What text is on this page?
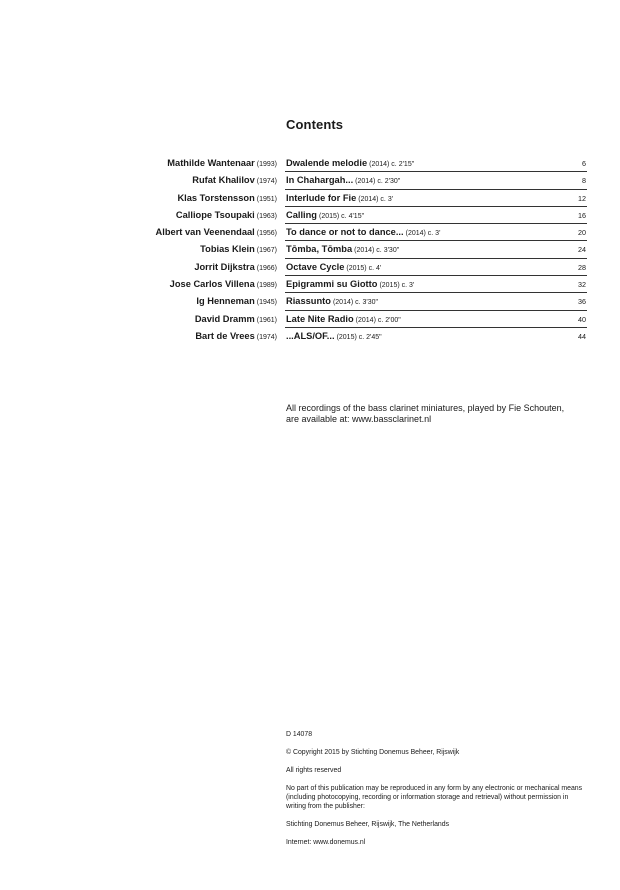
Contents
Mathilde Wantenaar (1993) Dwalende melodie (2014) c. 2'15"	6
Rufat Khalilov (1974) In Chahargah... (2014) c. 2'30"	8
Klas Torstensson (1951) Interlude for Fie (2014) c. 3'	12
Calliope Tsoupaki (1963) Calling (2015) c. 4'15"	16
Albert van Veenendaal (1956) To dance or not to dance... (2014) c. 3'	20
Tobias Klein (1967) Tōmba, Tōmba (2014) c. 3'30"	24
Jorrit Dijkstra (1966) Octave Cycle (2015) c. 4'	28
Jose Carlos Villena (1989) Epigrammi su Giotto (2015) c. 3'	32
Ig Henneman (1945) Riassunto (2014) c. 3'30"	36
David Dramm (1961) Late Nite Radio (2014) c. 2'00"	40
Bart de Vrees (1974) ...ALS/OF... (2015) c. 2'45"	44
All recordings of the bass clarinet miniatures, played by Fie Schouten,
are available at: www.bassclarinet.nl

D 14078

© Copyright 2015 by Stichting Donemus Beheer, Rijswijk

All rights reserved

No part of this publication may be reproduced in any form by any electronic or mechanical means (including photocopying, recording or information storage and retrieval) without permission in writing from the publisher:

Stichting Donemus Beheer, Rijswijk, The Netherlands

Internet: www.donemus.nl
